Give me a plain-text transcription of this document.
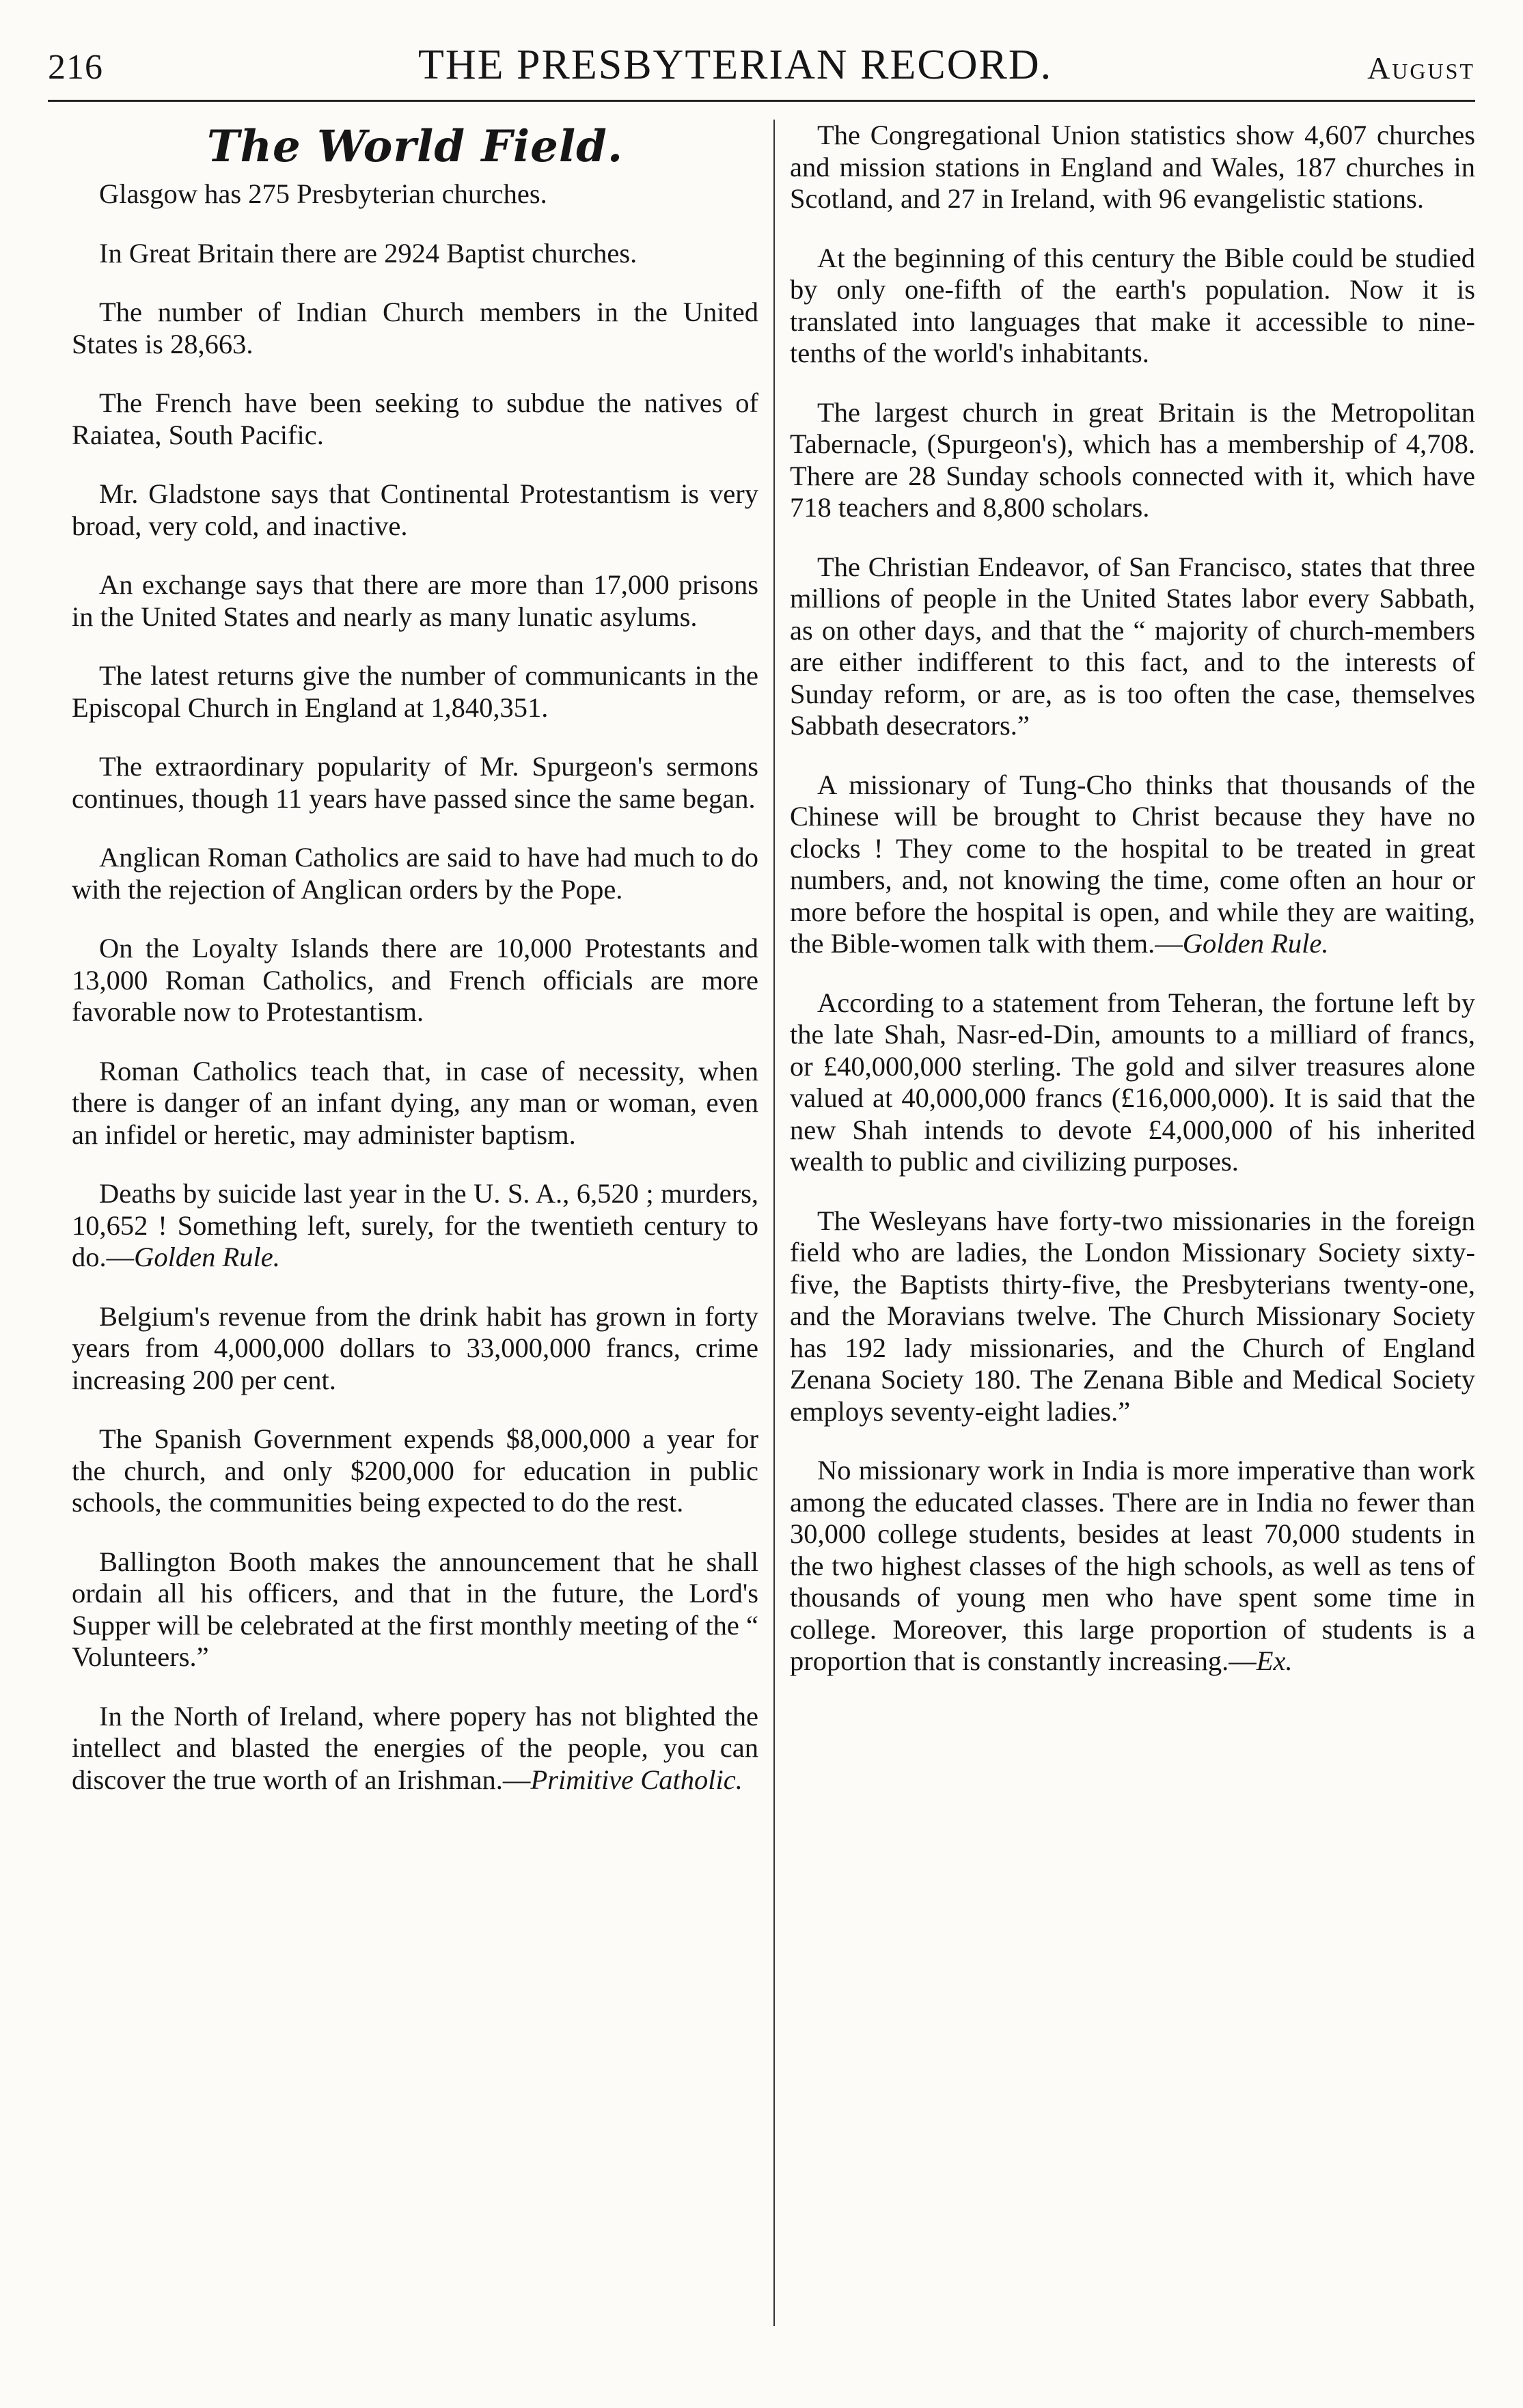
216	THE PRESBYTERIAN RECORD.	August
The World Field.

Glasgow has 275 Presbyterian churches.

In Great Britain there are 2924 Baptist churches.

The number of Indian Church members in the United States is 28,663.

The French have been seeking to subdue the natives of Raiatea, South Pacific.

Mr. Gladstone says that Continental Protestantism is very broad, very cold, and inactive.

An exchange says that there are more than 17,000 prisons in the United States and nearly as many lunatic asylums.

The latest returns give the number of communicants in the Episcopal Church in England at 1,840,351.

The extraordinary popularity of Mr. Spurgeon's sermons continues, though 11 years have passed since the same began.

Anglican Roman Catholics are said to have had much to do with the rejection of Anglican orders by the Pope.

On the Loyalty Islands there are 10,000 Protestants and 13,000 Roman Catholics, and French officials are more favorable now to Protestantism.

Roman Catholics teach that, in case of necessity, when there is danger of an infant dying, any man or woman, even an infidel or heretic, may administer baptism.

Deaths by suicide last year in the U. S. A., 6,520 ; murders, 10,652 ! Something left, surely, for the twentieth century to do.—Golden Rule.

Belgium's revenue from the drink habit has grown in forty years from 4,000,000 dollars to 33,000,000 francs, crime increasing 200 per cent.

The Spanish Government expends $8,000,000 a year for the church, and only $200,000 for education in public schools, the communities being expected to do the rest.

Ballington Booth makes the announcement that he shall ordain all his officers, and that in the future, the Lord's Supper will be celebrated at the first monthly meeting of the “ Volunteers.”

In the North of Ireland, where popery has not blighted the intellect and blasted the energies of the people, you can discover the true worth of an Irishman.—Primitive Catholic.

The Congregational Union statistics show 4,607 churches and mission stations in England and Wales, 187 churches in Scotland, and 27 in Ireland, with 96 evangelistic stations.

At the beginning of this century the Bible could be studied by only one-fifth of the earth's population. Now it is translated into languages that make it accessible to nine-tenths of the world's inhabitants.

The largest church in great Britain is the Metropolitan Tabernacle, (Spurgeon's), which has a membership of 4,708. There are 28 Sunday schools connected with it, which have 718 teachers and 8,800 scholars.

The Christian Endeavor, of San Francisco, states that three millions of people in the United States labor every Sabbath, as on other days, and that the “ majority of church-members are either indifferent to this fact, and to the interests of Sunday reform, or are, as is too often the case, themselves Sabbath desecrators.”

A missionary of Tung-Cho thinks that thousands of the Chinese will be brought to Christ because they have no clocks ! They come to the hospital to be treated in great numbers, and, not knowing the time, come often an hour or more before the hospital is open, and while they are waiting, the Bible-women talk with them.—Golden Rule.

According to a statement from Teheran, the fortune left by the late Shah, Nasr-ed-Din, amounts to a milliard of francs, or £40,000,000 sterling. The gold and silver treasures alone valued at 40,000,000 francs (£16,000,000). It is said that the new Shah intends to devote £4,000,000 of his inherited wealth to public and civilizing purposes.

The Wesleyans have forty-two missionaries in the foreign field who are ladies, the London Missionary Society sixty-five, the Baptists thirty-five, the Presbyterians twenty-one, and the Moravians twelve. The Church Missionary Society has 192 lady missionaries, and the Church of England Zenana Society 180. The Zenana Bible and Medical Society employs seventy-eight ladies.”

No missionary work in India is more imperative than work among the educated classes. There are in India no fewer than 30,000 college students, besides at least 70,000 students in the two highest classes of the high schools, as well as tens of thousands of young men who have spent some time in college. Moreover, this large proportion of students is a proportion that is constantly increasing.—Ex.
